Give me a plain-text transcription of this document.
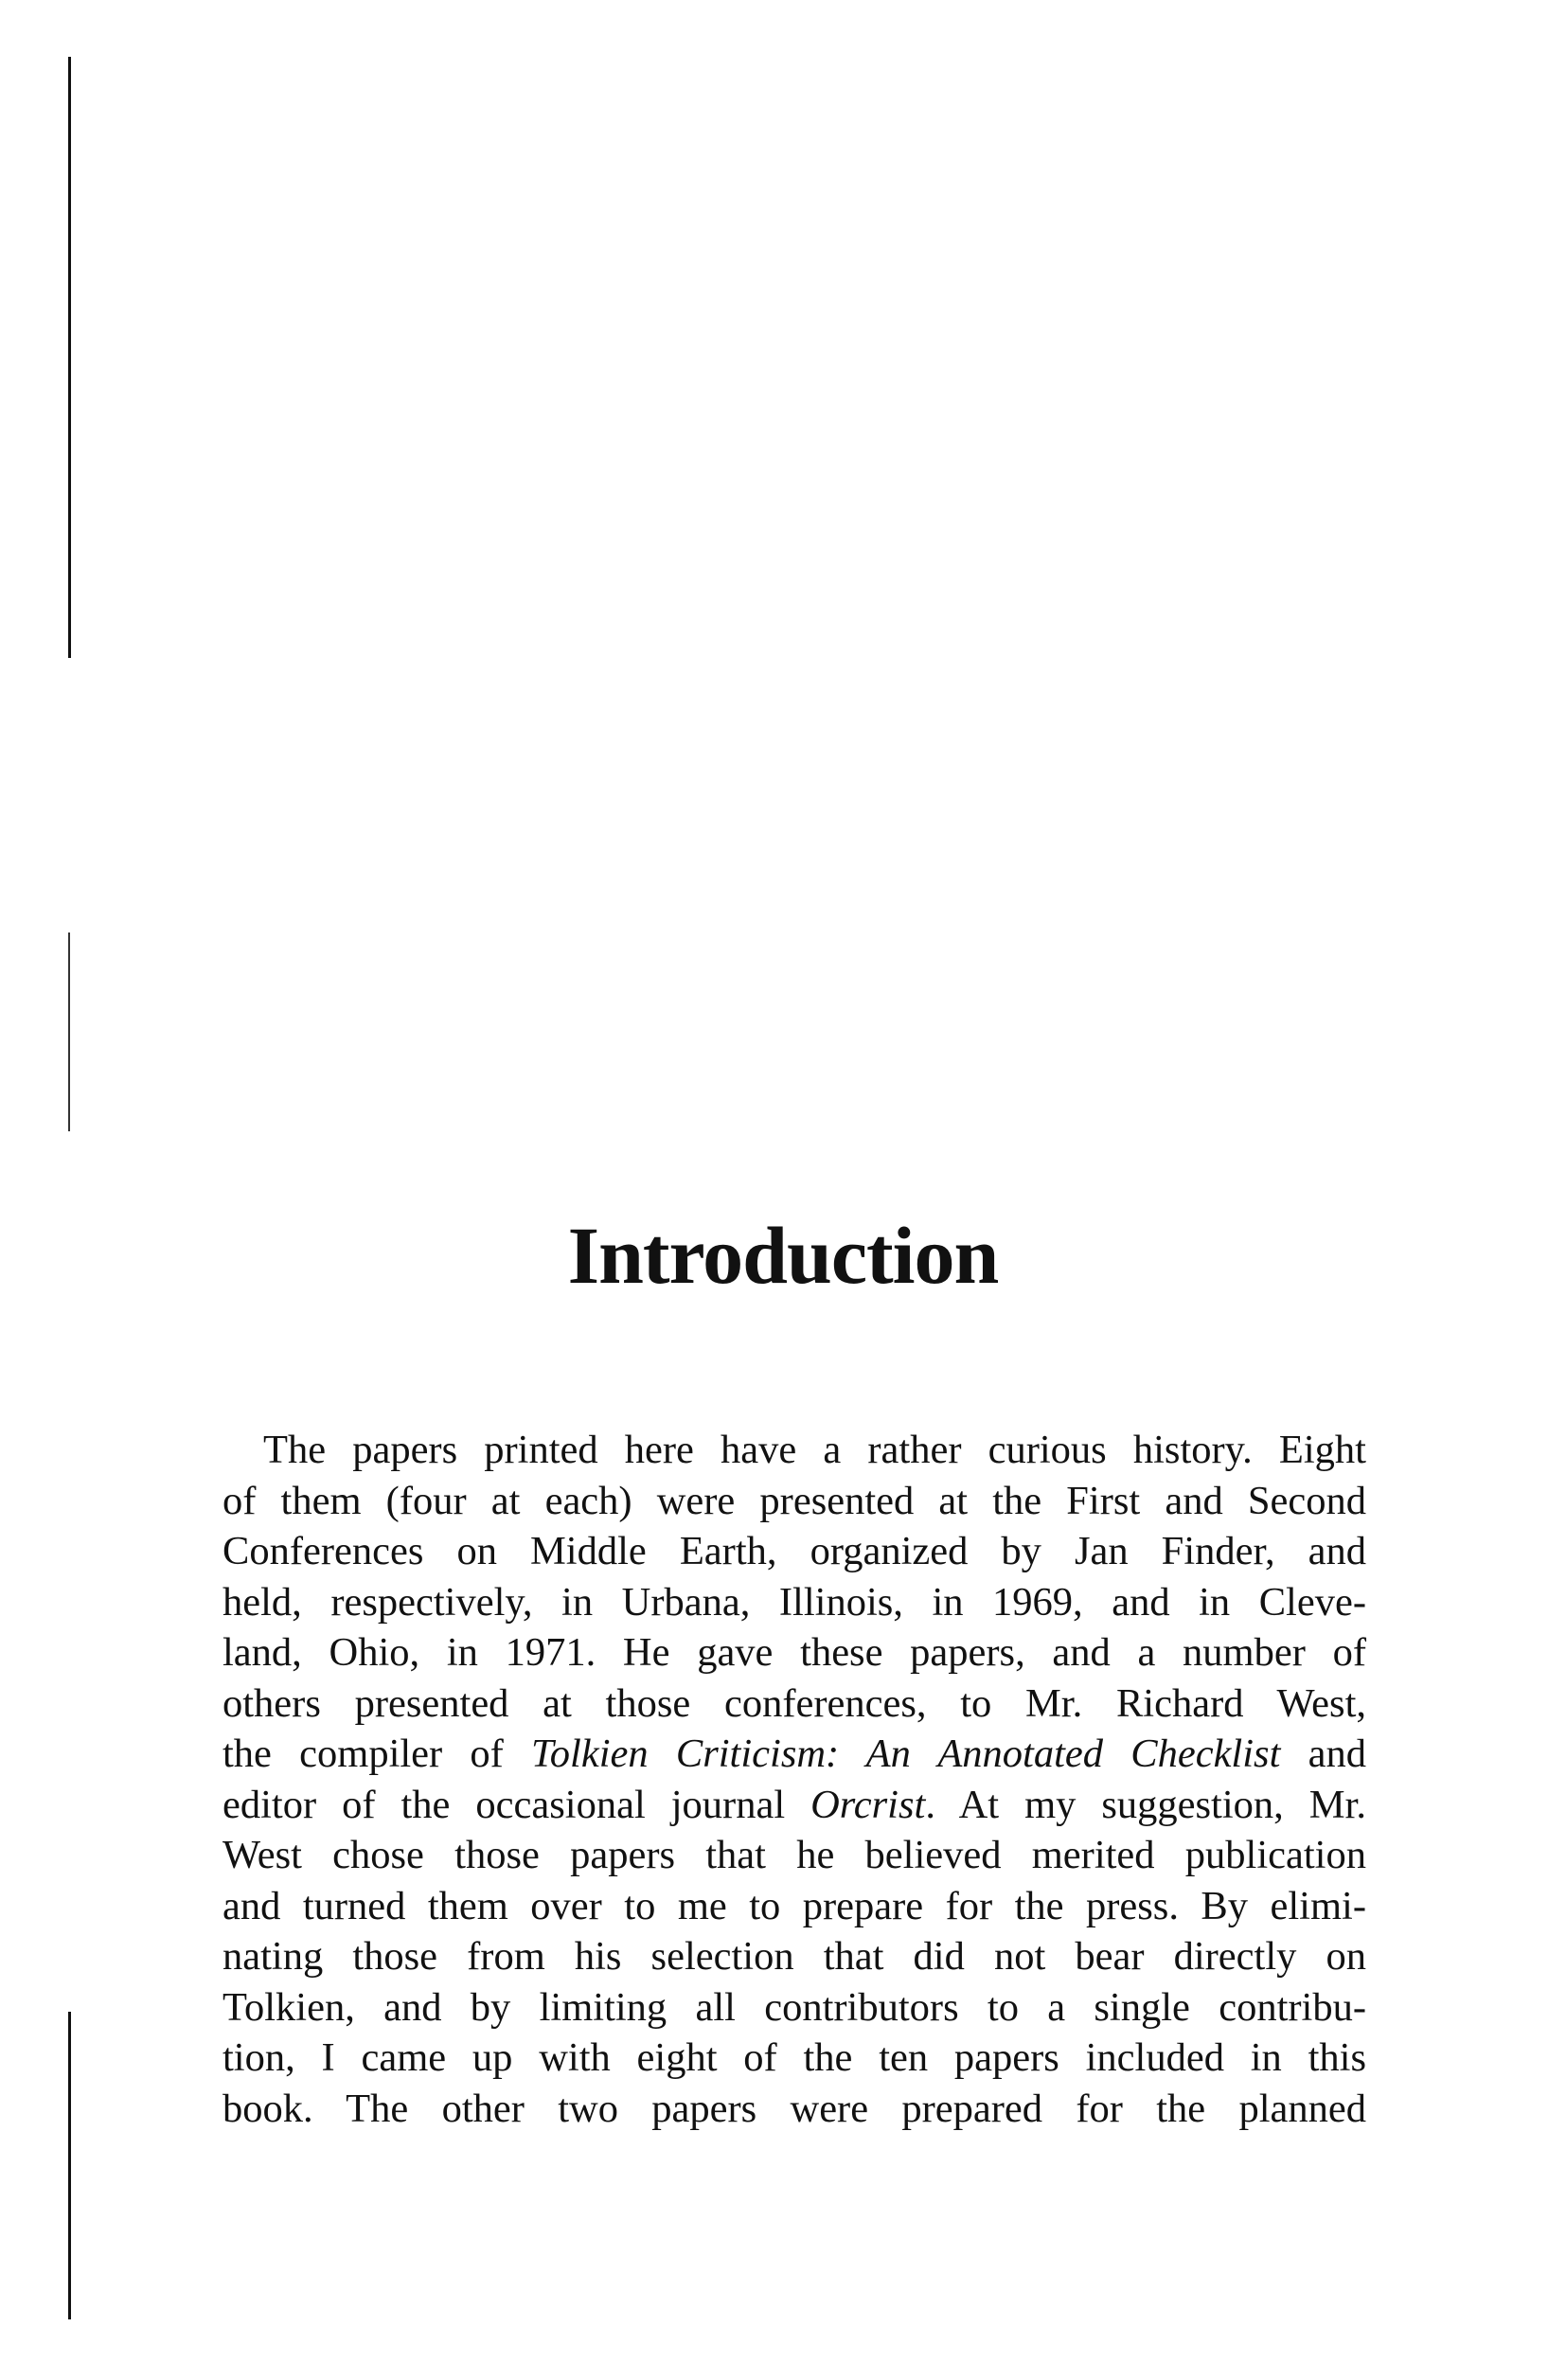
Introduction
The papers printed here have a rather curious history. Eight
of them (four at each) were presented at the First and Second
Conferences on Middle Earth, organized by Jan Finder, and
held, respectively, in Urbana, Illinois, in 1969, and in Cleve-
land, Ohio, in 1971. He gave these papers, and a number of
others presented at those conferences, to Mr. Richard West,
the compiler of Tolkien Criticism: An Annotated Checklist and
editor of the occasional journal Orcrist. At my suggestion, Mr.
West chose those papers that he believed merited publication
and turned them over to me to prepare for the press. By elimi-
nating those from his selection that did not bear directly on
Tolkien, and by limiting all contributors to a single contribu-
tion, I came up with eight of the ten papers included in this
book. The other two papers were prepared for the planned
